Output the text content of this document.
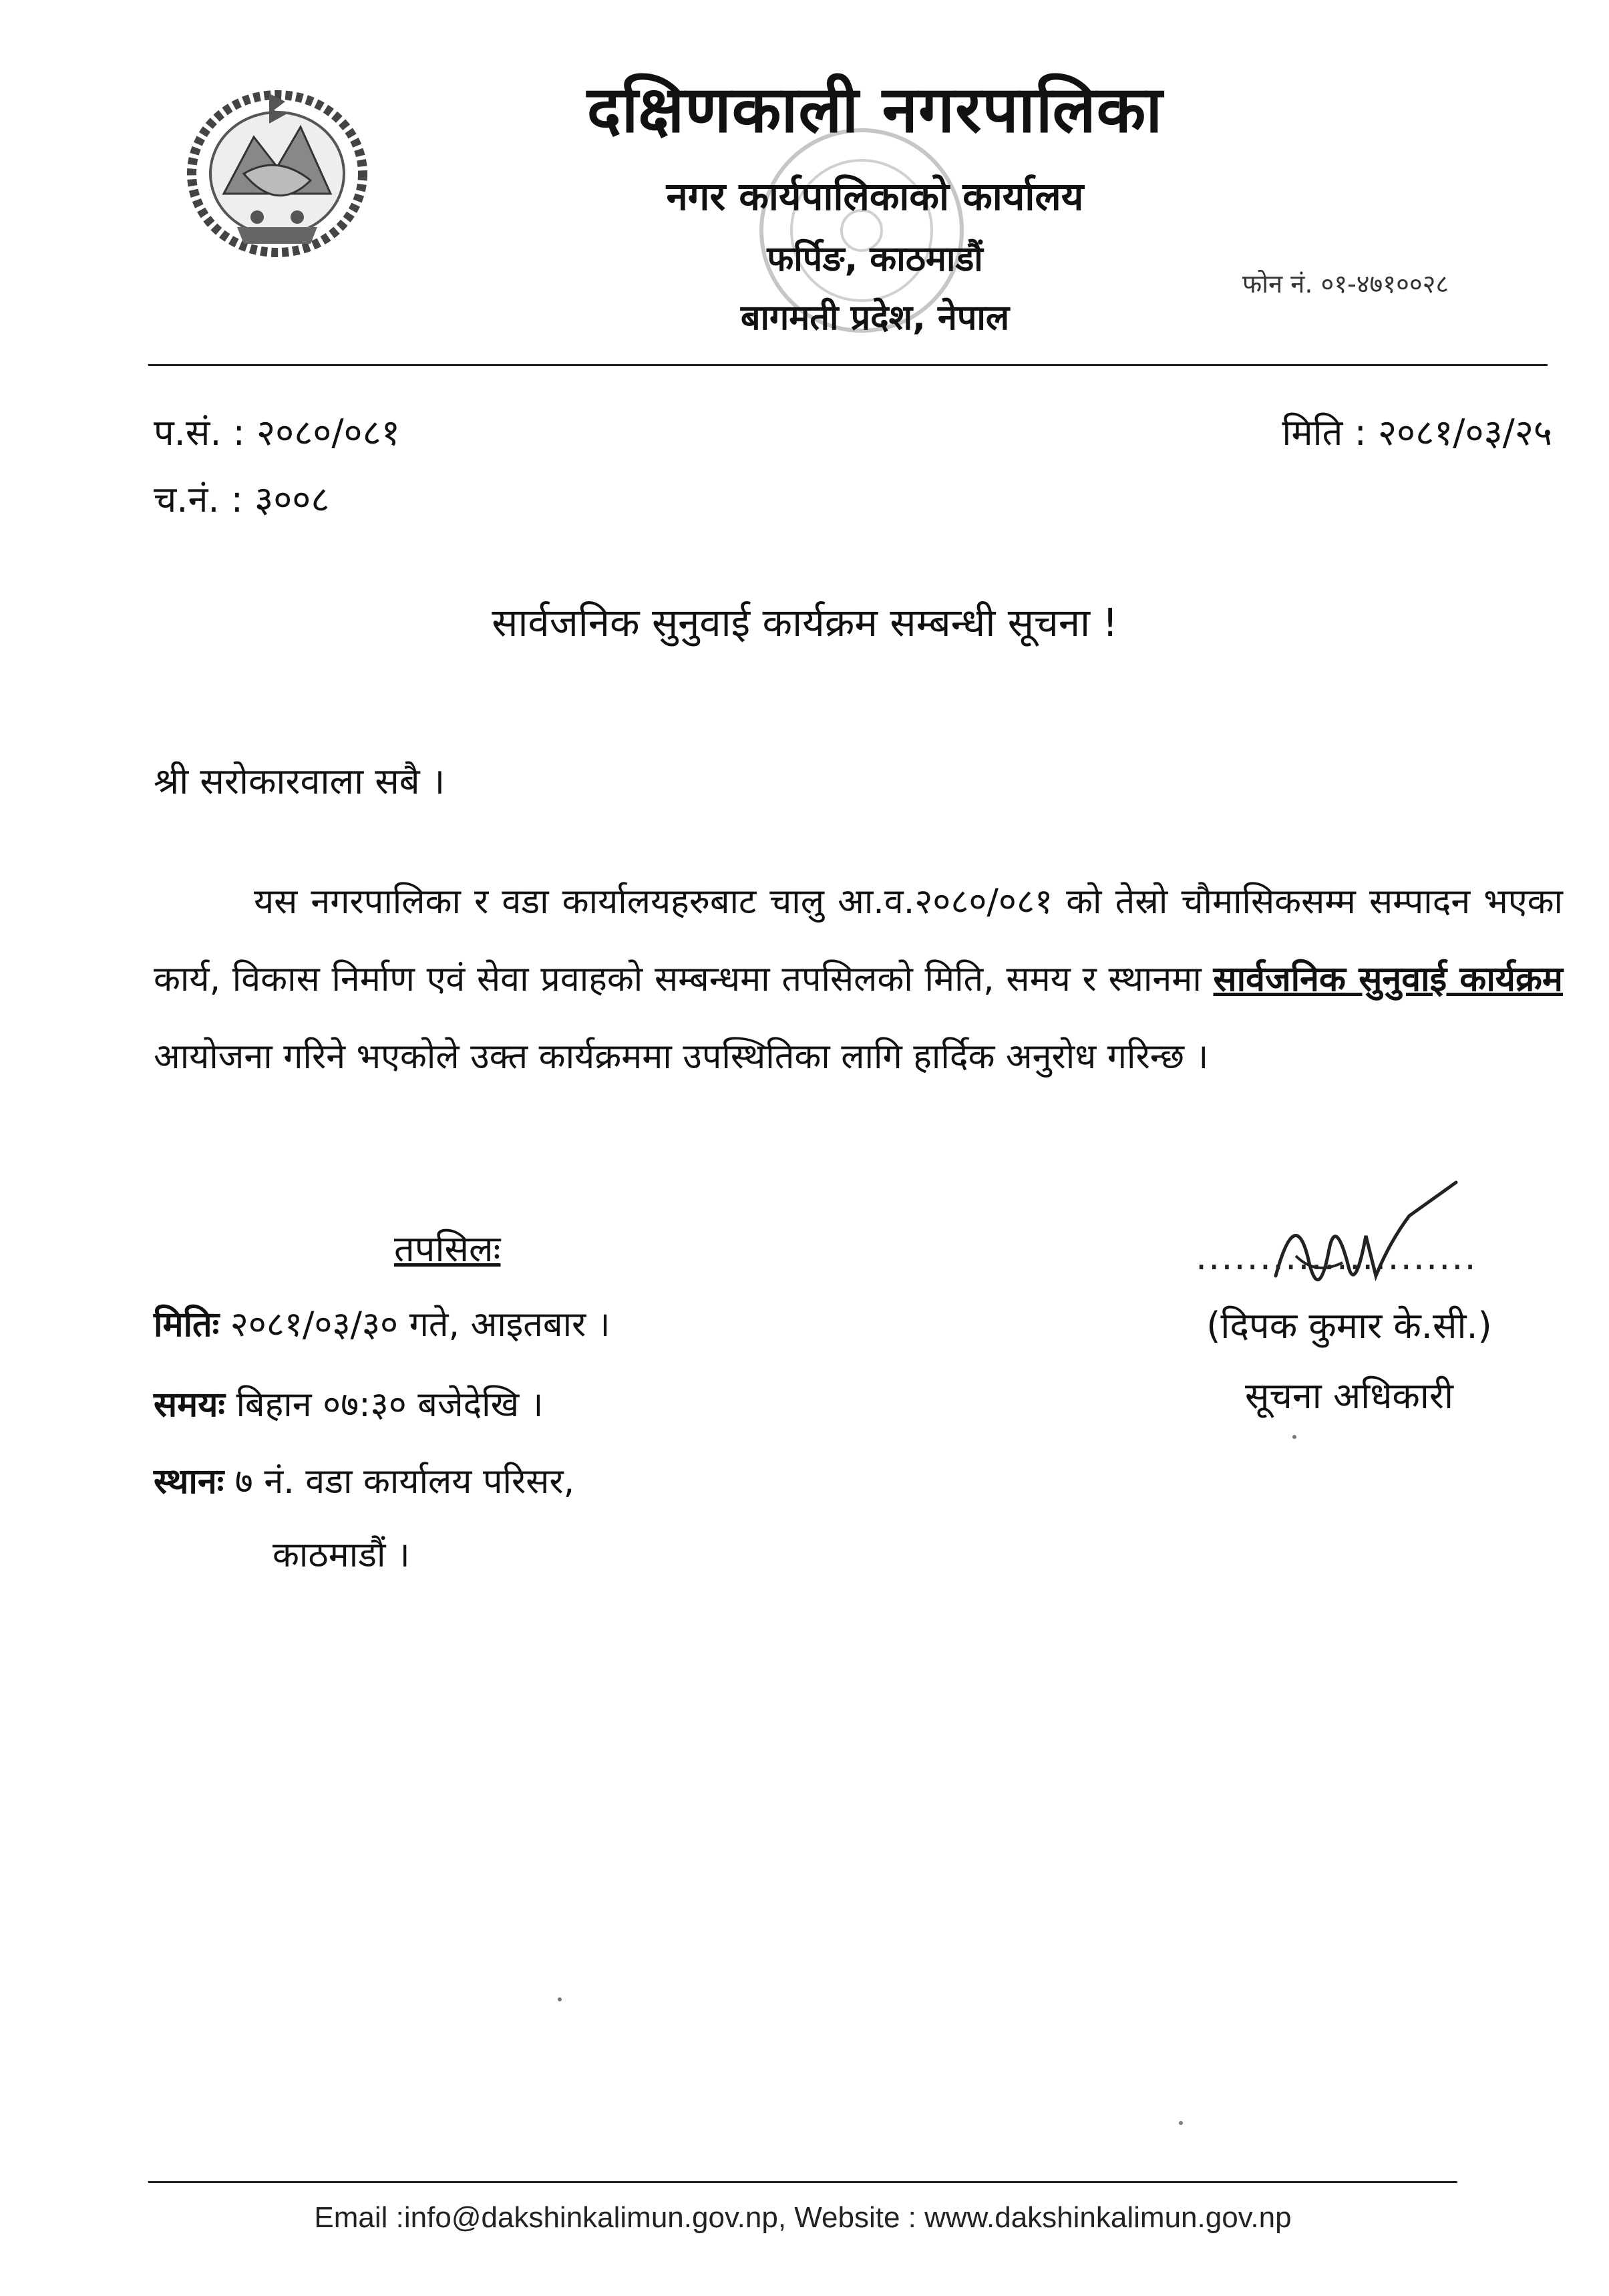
दक्षिणकाली नगरपालिका
नगर कार्यपालिकाको कार्यालय
फर्पिङ, काठमाडौं
बागमती प्रदेश, नेपाल
फोन नं. ०१-४७१००२८
प.सं. : २०८०/०८१
च.नं. : ३००८
मिति : २०८१/०३/२५
सार्वजनिक सुनुवाई कार्यक्रम सम्बन्धी सूचना !
श्री सरोकारवाला सबै ।
यस नगरपालिका र वडा कार्यालयहरुबाट चालु आ.व.२०८०/०८१ को तेस्रो चौमासिकसम्म सम्पादन भएका कार्य, विकास निर्माण एवं सेवा प्रवाहको सम्बन्धमा तपसिलको मिति, समय र स्थानमा सार्वजनिक सुनुवाई कार्यक्रम आयोजना गरिने भएकोले उक्त कार्यक्रममा उपस्थितिका लागि हार्दिक अनुरोध गरिन्छ ।
तपसिलः
मितिः २०८१/०३/३० गते, आइतबार ।
समयः बिहान ०७:३० बजेदेखि ।
स्थानः ७ नं. वडा कार्यालय परिसर,
काठमाडौं ।
......................
(दिपक कुमार के.सी.)
सूचना अधिकारी
Email :info@dakshinkalimun.gov.np, Website : www.dakshinkalimun.gov.np
